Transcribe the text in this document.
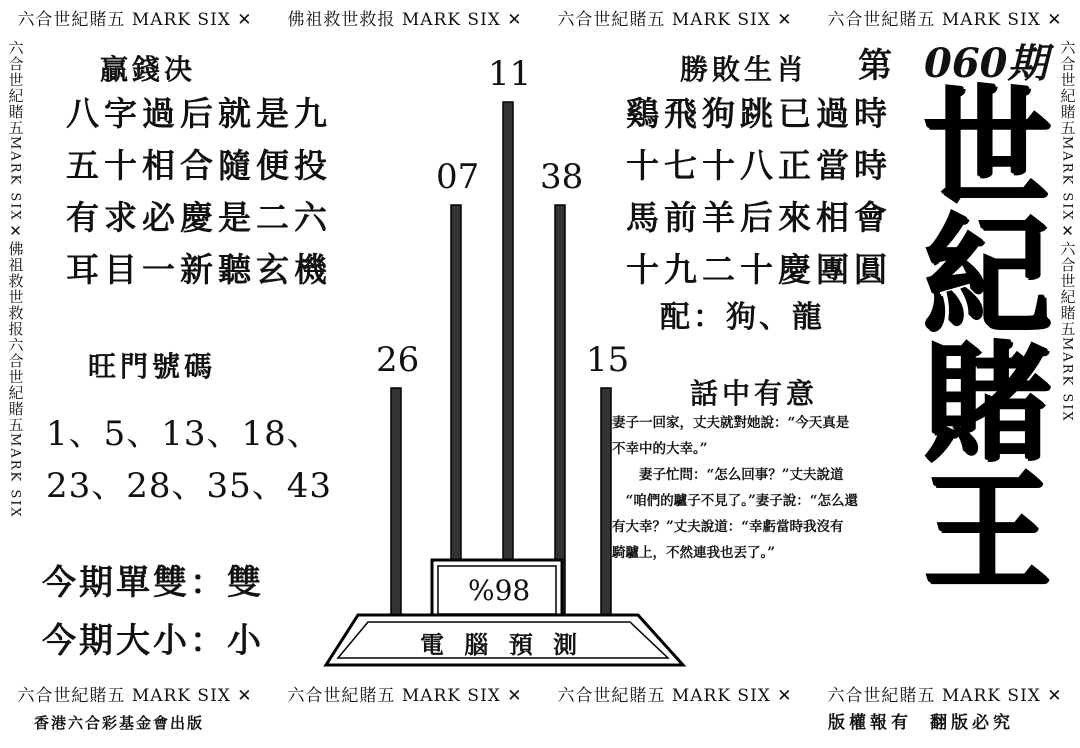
六合世紀賭五 MARK SIX ✕ 佛祖救世救报 MARK SIX ✕ 六合世紀賭五 MARK SIX ✕ 六合世紀賭五 MARK SIX ✕
六合世紀賭五 MARK SIX ✕ 六合世紀賭五 MARK SIX ✕ 六合世紀賭五 MARK SIX ✕ 六合世紀賭五 MARK SIX ✕
六合世紀賭五
MARK SIX
✕佛祖救世救报
六合世紀賭五
MARK SIX
六合世紀賭五
MARK SIX
✕六合世紀賭五
MARK SIX
贏錢决
八字過后就是九
五十相合隨便投
有求必慶是二六
耳目一新聽玄機
旺門號碼
1、5、13、18、
23、28、35、43
今期單雙：雙
今期大小：小
%98
電 腦 預 測
26
07
11
38
15
勝敗生肖 第 060期
鷄飛狗跳已過時
十七十八正當時
馬前羊后來相會
十九二十慶團圓
配：狗、龍
話中有意
妻子一回家，丈夫就對她說：“今天真是
不幸中的大幸。”
　　妻子忙問：“怎么回事？”丈夫說道
　“咱們的驢子不見了。”妻子說：“怎么還
有大幸？”丈夫說道：“幸虧當時我沒有
騎驢上，不然連我也丟了。”
世
紀
賭
王
香港六合彩基金會出版	版權報有 翻版必究
